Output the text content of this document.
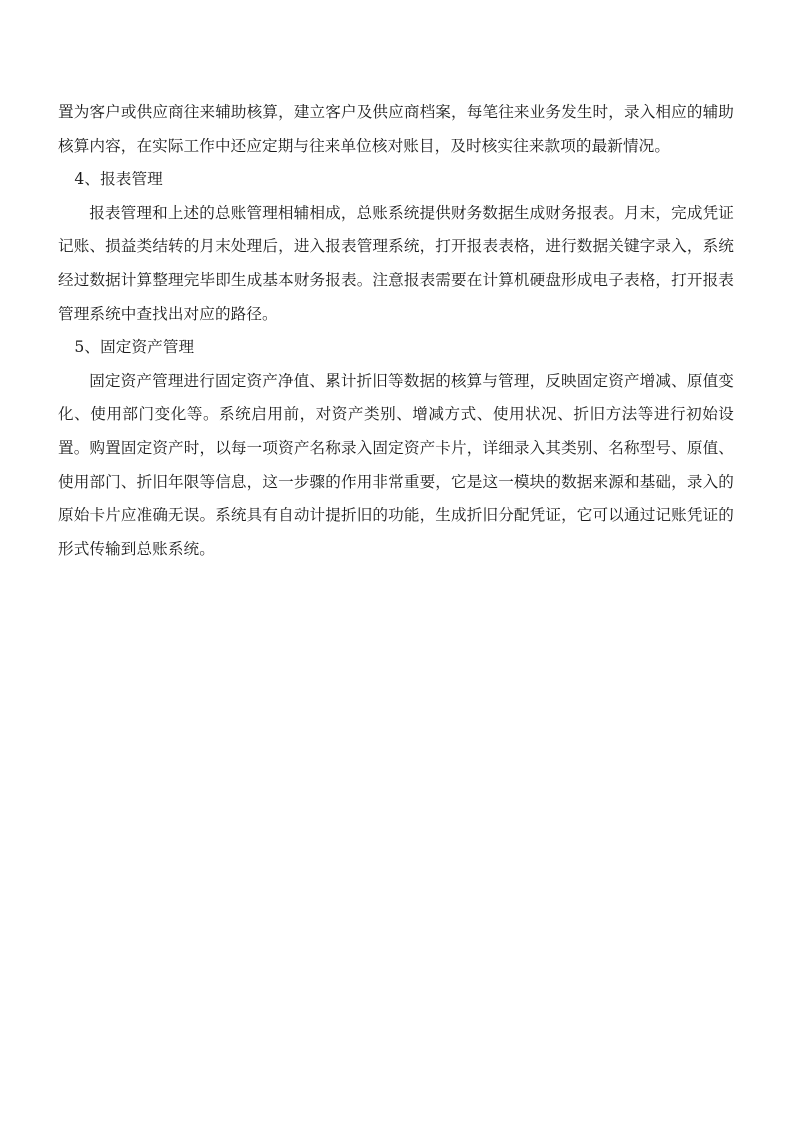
置为客户或供应商往来辅助核算，建立客户及供应商档案，每笔往来业务发生时，录入相应的辅助核算内容，在实际工作中还应定期与往来单位核对账目，及时核实往来款项的最新情况。

4、报表管理

报表管理和上述的总账管理相辅相成，总账系统提供财务数据生成财务报表。月末，完成凭证记账、损益类结转的月末处理后，进入报表管理系统，打开报表表格，进行数据关键字录入，系统经过数据计算整理完毕即生成基本财务报表。注意报表需要在计算机硬盘形成电子表格，打开报表管理系统中查找出对应的路径。

5、固定资产管理

固定资产管理进行固定资产净值、累计折旧等数据的核算与管理，反映固定资产增减、原值变化、使用部门变化等。系统启用前，对资产类别、增减方式、使用状况、折旧方法等进行初始设置。购置固定资产时，以每一项资产名称录入固定资产卡片，详细录入其类别、名称型号、原值、使用部门、折旧年限等信息，这一步骤的作用非常重要，它是这一模块的数据来源和基础，录入的原始卡片应准确无误。系统具有自动计提折旧的功能，生成折旧分配凭证，它可以通过记账凭证的形式传输到总账系统。
